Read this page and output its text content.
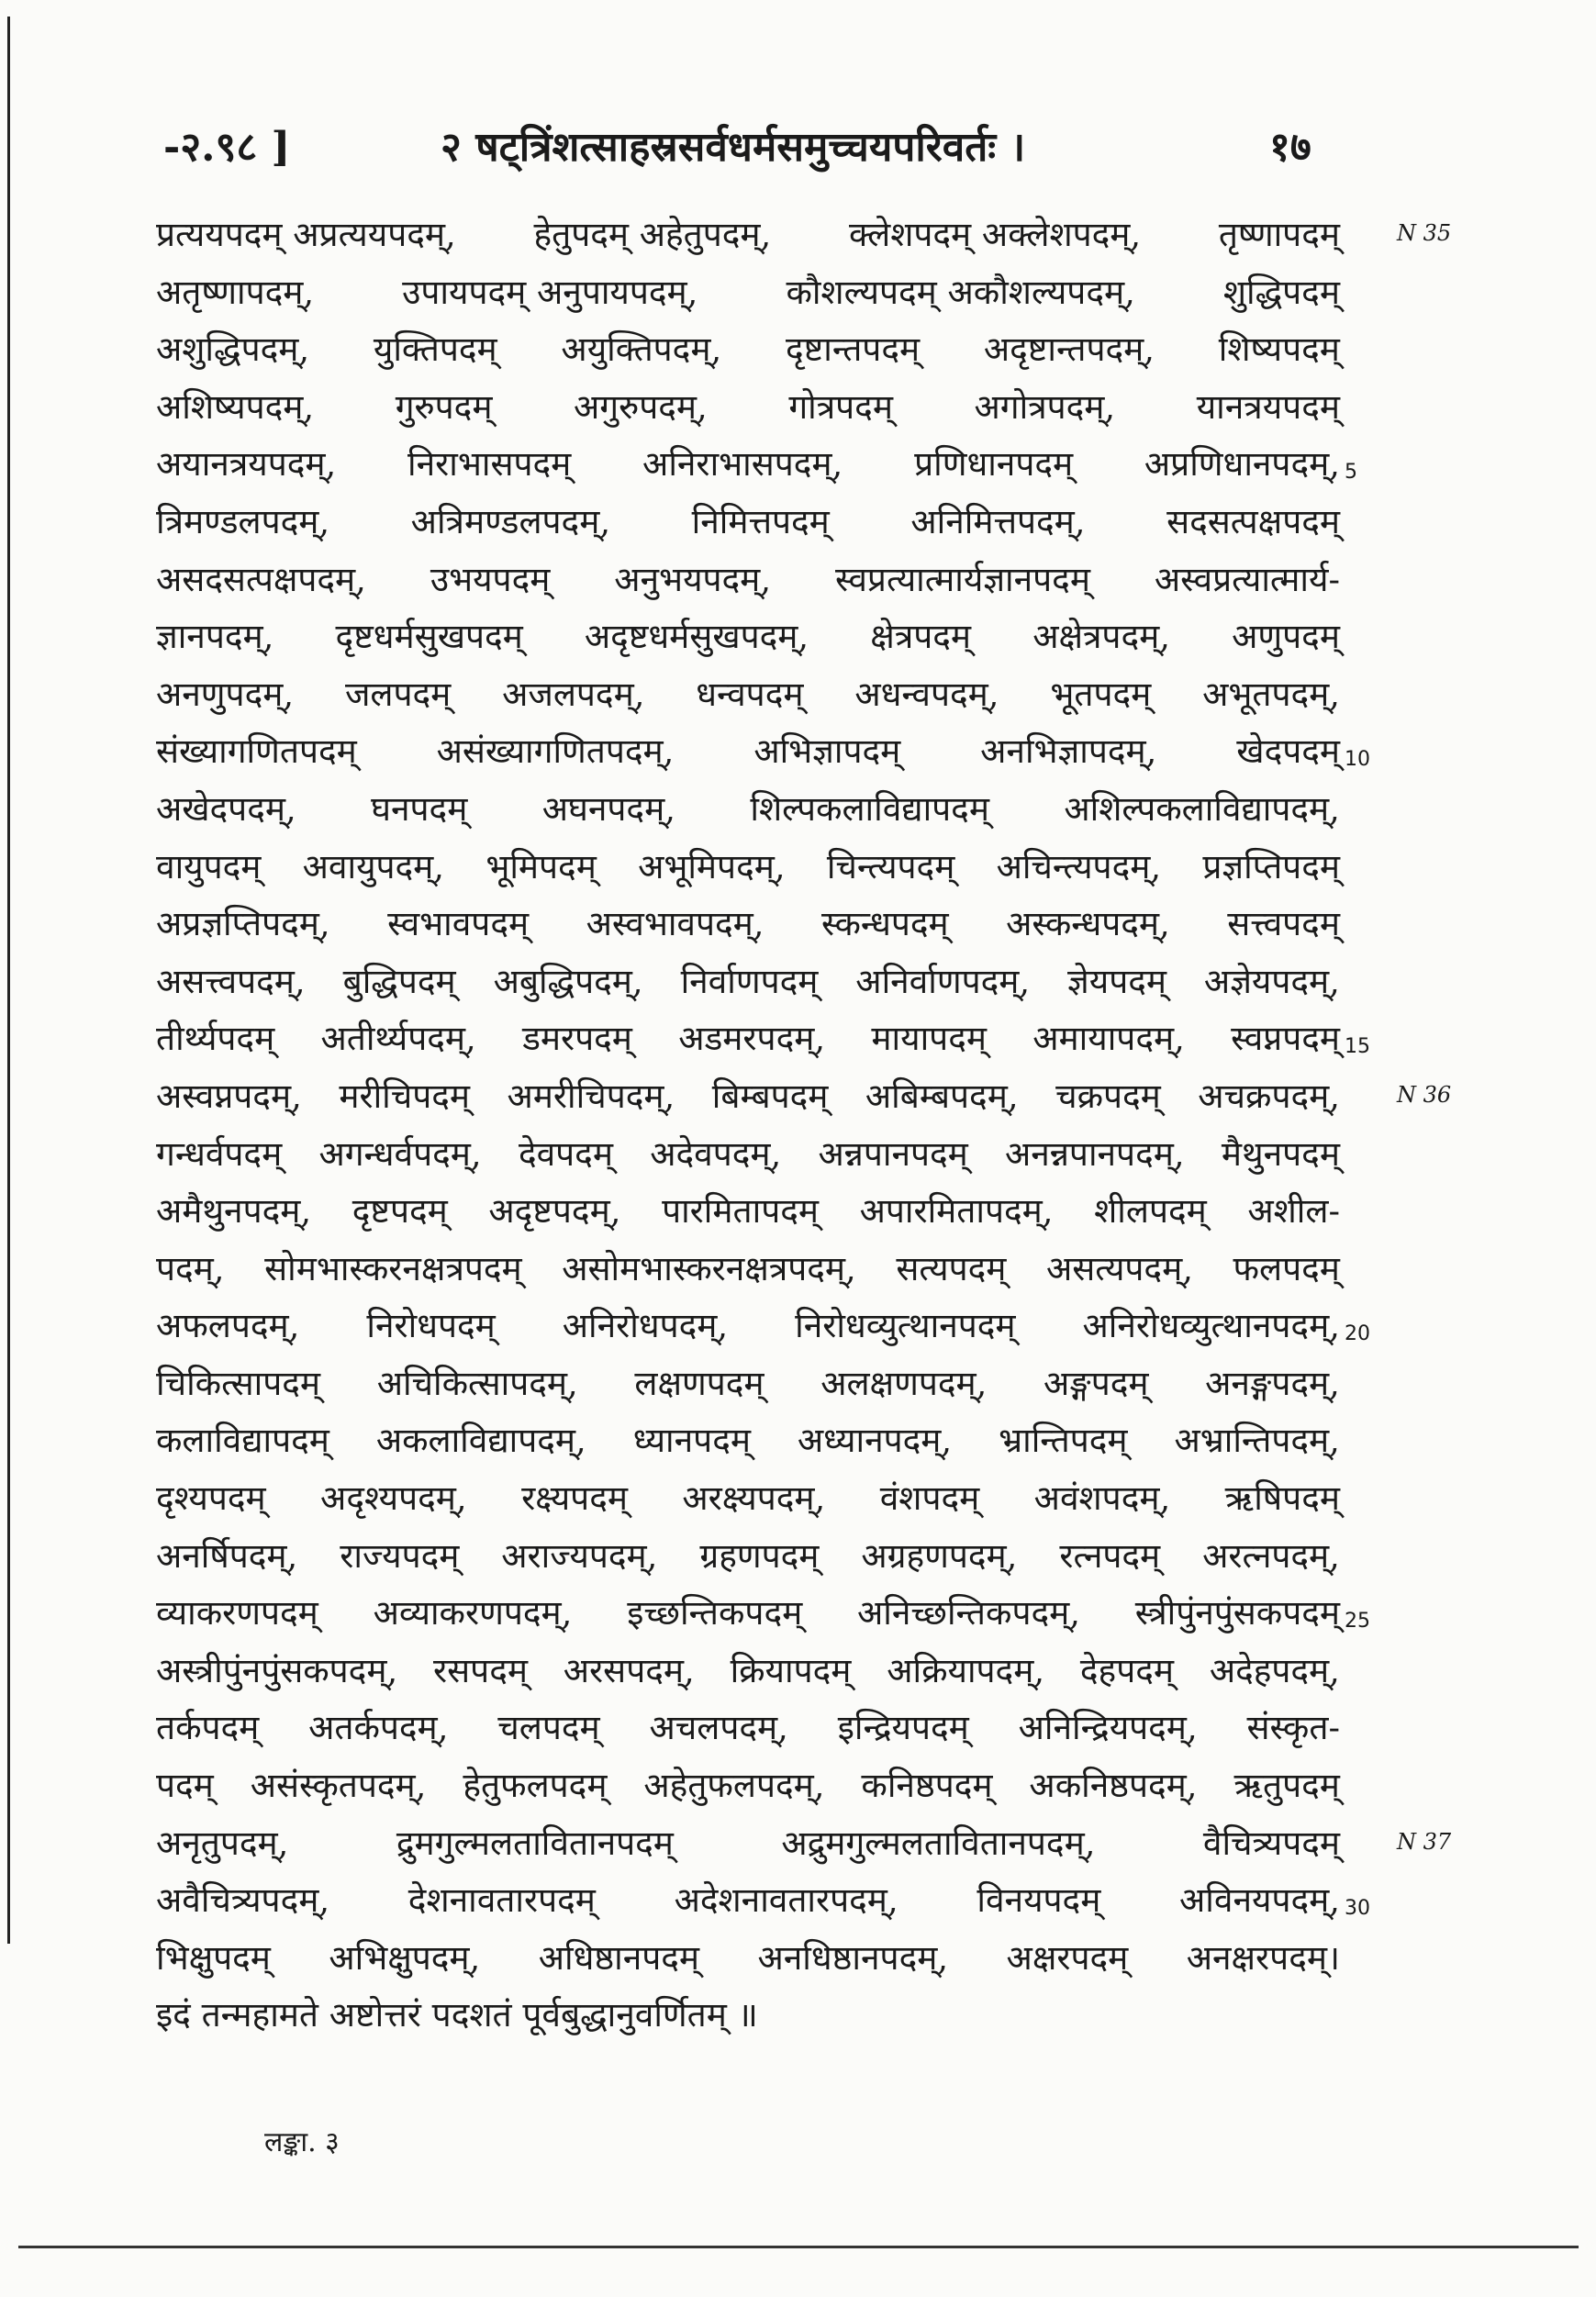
-२.९८ ]	२ षट्त्रिंशत्साहस्रसर्वधर्मसमुच्चयपरिवर्तः ।	१७
प्रत्ययपदम् अप्रत्ययपदम्, हेतुपदम् अहेतुपदम्, क्लेशपदम् अक्लेशपदम्, तृष्णापदम्
अतृष्णापदम्,	उपायपदम् अनुपायपदम्,	कौशल्यपदम् अकौशल्यपदम्,	शुद्धिपदम्
अशुद्धिपदम्, युक्तिपदम् अयुक्तिपदम्, दृष्टान्तपदम् अदृष्टान्तपदम्, शिष्यपदम्
अशिष्यपदम्, गुरुपदम् अगुरुपदम्, गोत्रपदम् अगोत्रपदम्, यानत्रयपदम्
अयानत्रयपदम्, निराभासपदम् अनिराभासपदम्, प्रणिधानपदम् अप्रणिधानपदम्, 5
त्रिमण्डलपदम्, अत्रिमण्डलपदम्, निमित्तपदम् अनिमित्तपदम्, सदसत्पक्षपदम्
असदसत्पक्षपदम्, उभयपदम् अनुभयपदम्, स्वप्रत्यात्मार्यज्ञानपदम् अस्वप्रत्यात्मार्य-
ज्ञानपदम्, दृष्टधर्मसुखपदम् अदृष्टधर्मसुखपदम्, क्षेत्रपदम् अक्षेत्रपदम्, अणुपदम्
अनणुपदम्, जलपदम् अजलपदम्, धन्वपदम् अधन्वपदम्, भूतपदम् अभूतपदम्,
संख्यागणितपदम् असंख्यागणितपदम्, अभिज्ञापदम् अनभिज्ञापदम्, खेदपदम् 10
अखेदपदम्, घनपदम् अघनपदम्, शिल्पकलाविद्यापदम् अशिल्पकलाविद्यापदम्,
वायुपदम् अवायुपदम्, भूमिपदम् अभूमिपदम्, चिन्त्यपदम् अचिन्त्यपदम्, प्रज्ञप्तिपदम्
अप्रज्ञप्तिपदम्, स्वभावपदम् अस्वभावपदम्, स्कन्धपदम् अस्कन्धपदम्, सत्त्वपदम्
असत्त्वपदम्, बुद्धिपदम् अबुद्धिपदम्, निर्वाणपदम् अनिर्वाणपदम्, ज्ञेयपदम् अज्ञेयपदम्,
तीर्थ्यपदम् अतीर्थ्यपदम्, डमरपदम् अडमरपदम्, मायापदम् अमायापदम्, स्वप्नपदम् 15
अस्वप्नपदम्, मरीचिपदम् अमरीचिपदम्, बिम्बपदम् अबिम्बपदम्, चक्रपदम् अचक्रपदम्,
गन्धर्वपदम् अगन्धर्वपदम्, देवपदम् अदेवपदम्, अन्नपानपदम् अनन्नपानपदम्, मैथुनपदम्
अमैथुनपदम्, दृष्टपदम् अदृष्टपदम्, पारमितापदम् अपारमितापदम्, शीलपदम् अशील-
पदम्, सोमभास्करनक्षत्रपदम् असोमभास्करनक्षत्रपदम्, सत्यपदम् असत्यपदम्, फलपदम्
अफलपदम्, निरोधपदम् अनिरोधपदम्, निरोधव्युत्थानपदम् अनिरोधव्युत्थानपदम्, 20
चिकित्सापदम् अचिकित्सापदम्, लक्षणपदम् अलक्षणपदम्, अङ्गपदम् अनङ्गपदम्,
कलाविद्यापदम् अकलाविद्यापदम्, ध्यानपदम् अध्यानपदम्, भ्रान्तिपदम् अभ्रान्तिपदम्,
दृश्यपदम् अदृश्यपदम्, रक्ष्यपदम् अरक्ष्यपदम्, वंशपदम् अवंशपदम्, ऋषिपदम्
अनर्षिपदम्, राज्यपदम् अराज्यपदम्, ग्रहणपदम् अग्रहणपदम्, रत्नपदम् अरत्नपदम्,
व्याकरणपदम् अव्याकरणपदम्, इच्छन्तिकपदम् अनिच्छन्तिकपदम्, स्त्रीपुंनपुंसकपदम् 25
अस्त्रीपुंनपुंसकपदम्, रसपदम् अरसपदम्, क्रियापदम् अक्रियापदम्, देहपदम् अदेहपदम्,
तर्कपदम् अतर्कपदम्, चलपदम् अचलपदम्, इन्द्रियपदम् अनिन्द्रियपदम्, संस्कृत-
पदम् असंस्कृतपदम्, हेतुफलपदम् अहेतुफलपदम्, कनिष्ठपदम् अकनिष्ठपदम्, ऋतुपदम्
अनृतुपदम्,	द्रुमगुल्मलतावितानपदम्	अद्रुमगुल्मलतावितानपदम्,	वैचित्र्यपदम्
अवैचित्र्यपदम्, देशनावतारपदम् अदेशनावतारपदम्, विनयपदम् अविनयपदम्, 30
भिक्षुपदम् अभिक्षुपदम्, अधिष्ठानपदम् अनधिष्ठानपदम्, अक्षरपदम् अनक्षरपदम्।
इदं तन्महामते अष्टोत्तरं पदशतं पूर्वबुद्धानुवर्णितम् ॥
लङ्का. ३
N 35
N 36
N 37
